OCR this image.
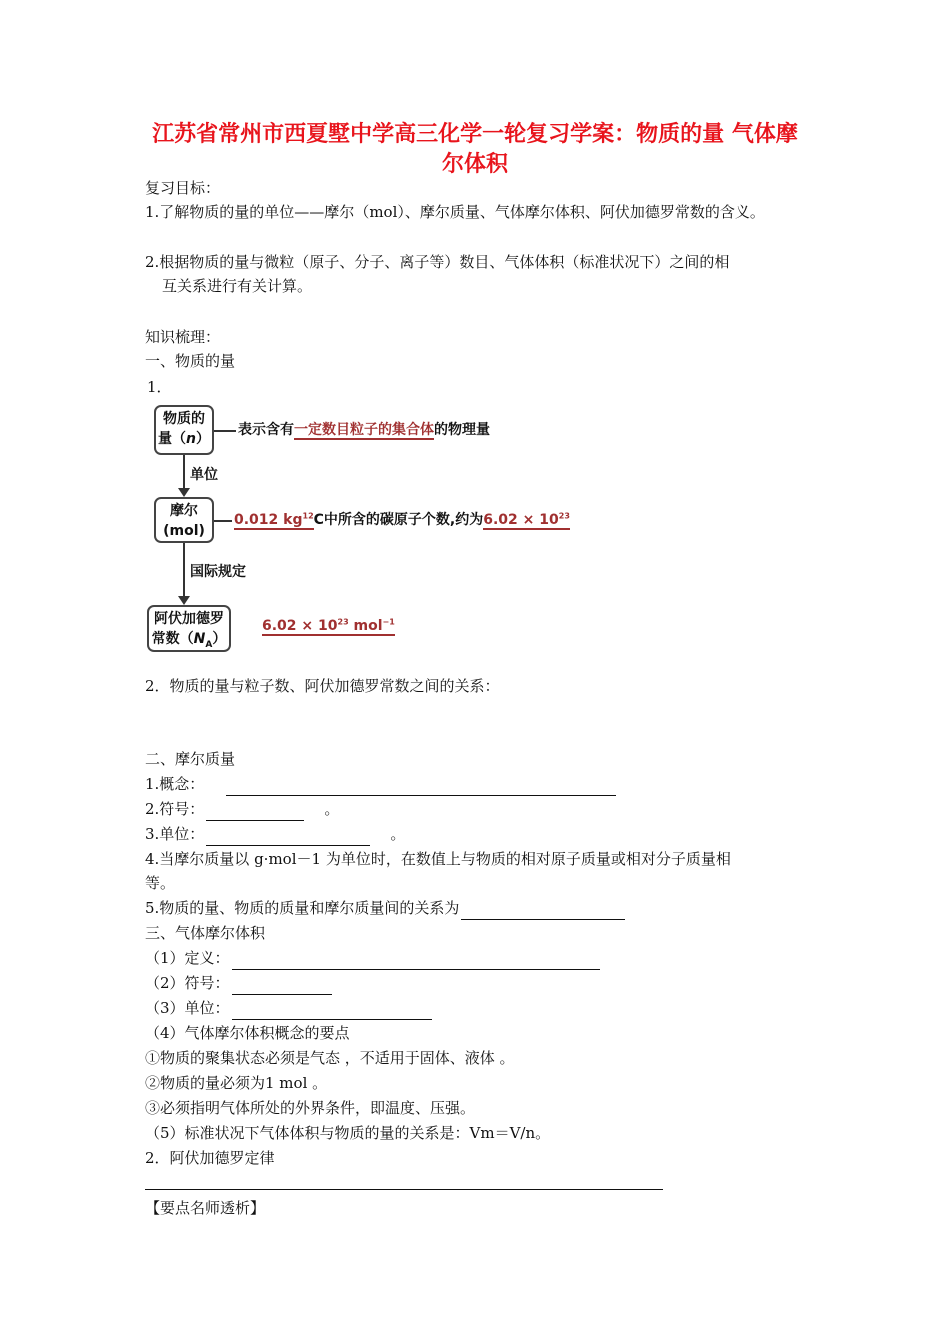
江苏省常州市西夏墅中学高三化学一轮复习学案：物质的量 气体摩
尔体积
复习目标：
1.了解物质的量的单位——摩尔（mol）、摩尔质量、气体摩尔体积、阿伏加德罗常数的含义。
2.根据物质的量与微粒（原子、分子、离子等）数目、气体体积（标准状况下）之间的相
互关系进行有关计算。
知识梳理：
一、物质的量
1．
物质的
量（n）
表示含有一定数目粒子的集合体的物理量
单位
摩尔
(mol)
0.012 $kg^{12}C$中所含的碳原子个数,约为$6.02 \times 10^{23}$
国际规定
阿伏加德罗
常数$(N_A)$
$6.02 \times 10^{23}$ mol$^{-1}$
2．物质的量与粒子数、阿伏加德罗常数之间的关系：
二、摩尔质量
1.概念：
2.符号：	。
3.单位：	。
4.当摩尔质量以 g·mol－1 为单位时，在数值上与物质的相对原子质量或相对分子质量相
等。
5.物质的量、物质的质量和摩尔质量间的关系为
三、气体摩尔体积
（1）定义：
（2）符号：
（3）单位：
（4）气体摩尔体积概念的要点
①物质的聚集状态必须是气态 ，不适用于固体、液体 。
②物质的量必须为1 mol 。
③必须指明气体所处的外界条件，即温度、压强。
（5）标准状况下气体体积与物质的量的关系是：Vm＝V/n。
2．阿伏加德罗定律
【要点名师透析】
